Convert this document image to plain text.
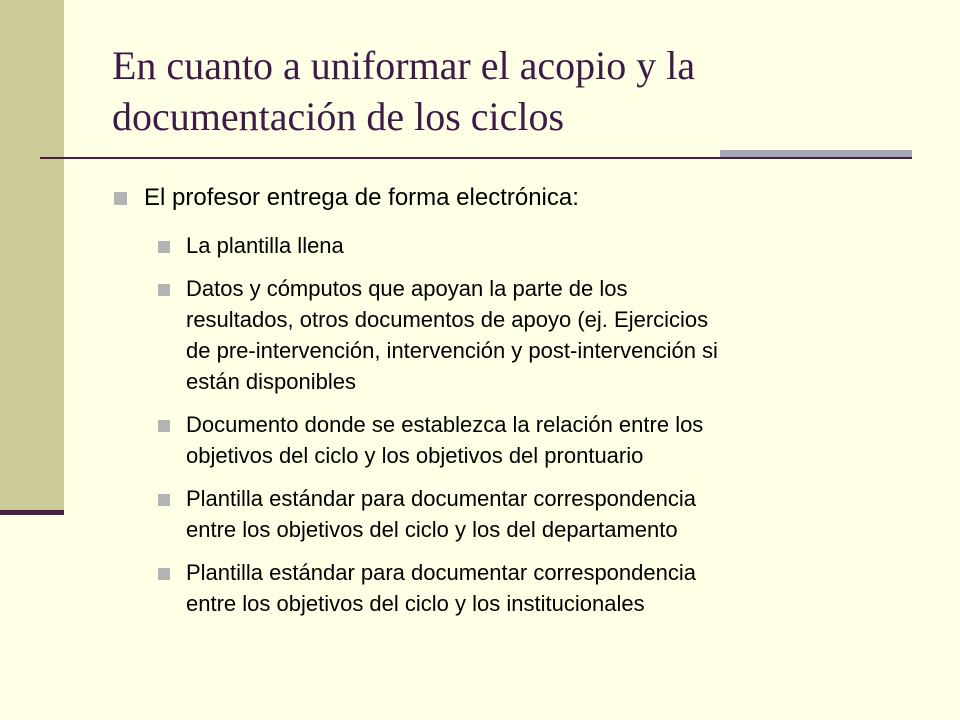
En cuanto a uniformar el acopio y la
documentación de los ciclos
El profesor entrega de forma electrónica:
La plantilla llena
Datos y cómputos que apoyan la parte de los
resultados, otros documentos de apoyo (ej. Ejercicios
de pre-intervención, intervención y post-intervención si
están disponibles
Documento donde se establezca la relación entre los
objetivos del ciclo y los objetivos del prontuario
Plantilla estándar para documentar correspondencia
entre los objetivos del ciclo y los del departamento
Plantilla estándar para documentar correspondencia
entre los objetivos del ciclo y los institucionales
